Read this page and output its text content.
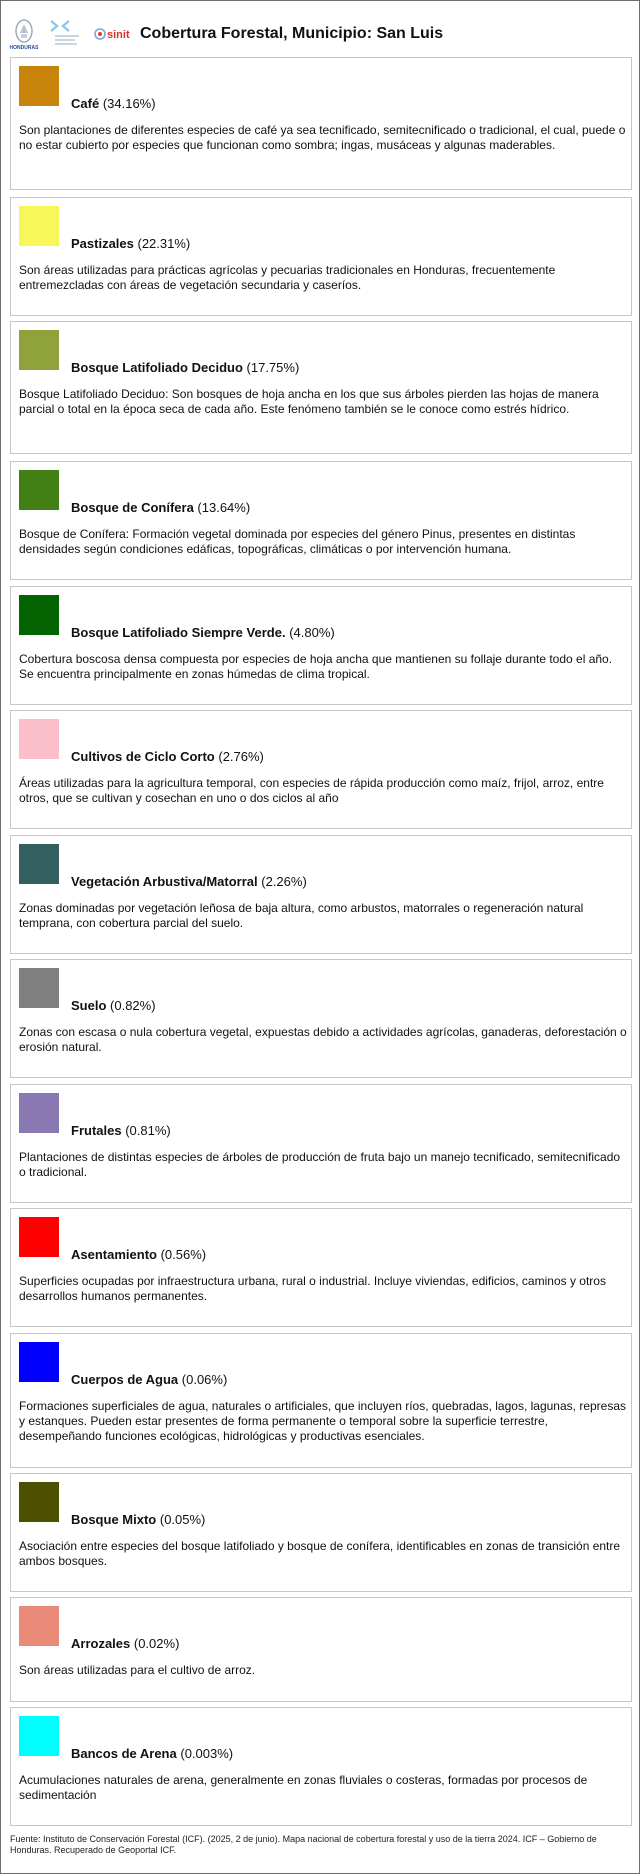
HONDURAS
sinit Cobertura Forestal, Municipio: San Luis
Café (34.16%)
Son plantaciones de diferentes especies de café ya sea tecnificado, semitecnificado o tradicional, el cual, puede o no estar cubierto por especies que funcionan como sombra; ingas, musáceas y algunas maderables.
Pastizales (22.31%)
Son áreas utilizadas para prácticas agrícolas y pecuarias tradicionales en Honduras, frecuentemente entremezcladas con áreas de vegetación secundaria y caseríos.
Bosque Latifoliado Deciduo (17.75%)
Bosque Latifoliado Deciduo: Son bosques de hoja ancha en los que sus árboles pierden las hojas de manera parcial o total en la época seca de cada año. Este fenómeno también se le conoce como estrés hídrico.
Bosque de Conífera (13.64%)
Bosque de Conífera: Formación vegetal dominada por especies del género Pinus, presentes en distintas densidades según condiciones edáficas, topográficas, climáticas o por intervención humana.
Bosque Latifoliado Siempre Verde. (4.80%)
Cobertura boscosa densa compuesta por especies de hoja ancha que mantienen su follaje durante todo el año. Se encuentra principalmente en zonas húmedas de clima tropical.
Cultivos de Ciclo Corto (2.76%)
Áreas utilizadas para la agricultura temporal, con especies de rápida producción como maíz, frijol, arroz, entre otros, que se cultivan y cosechan en uno o dos ciclos al año
Vegetación Arbustiva/Matorral (2.26%)
Zonas dominadas por vegetación leñosa de baja altura, como arbustos, matorrales o regeneración natural temprana, con cobertura parcial del suelo.
Suelo (0.82%)
Zonas con escasa o nula cobertura vegetal, expuestas debido a actividades agrícolas, ganaderas, deforestación o erosión natural.
Frutales (0.81%)
Plantaciones de distintas especies de árboles de producción de fruta bajo un manejo tecnificado, semitecnificado o tradicional.
Asentamiento (0.56%)
Superficies ocupadas por infraestructura urbana, rural o industrial. Incluye viviendas, edificios, caminos y otros desarrollos humanos permanentes.
Cuerpos de Agua (0.06%)
Formaciones superficiales de agua, naturales o artificiales, que incluyen ríos, quebradas, lagos, lagunas, represas y estanques. Pueden estar presentes de forma permanente o temporal sobre la superficie terrestre, desempeñando funciones ecológicas, hidrológicas y productivas esenciales.
Bosque Mixto (0.05%)
Asociación entre especies del bosque latifoliado y bosque de conífera, identificables en zonas de transición entre ambos bosques.
Arrozales (0.02%)
Son áreas utilizadas para el cultivo de arroz.
Bancos de Arena (0.003%)
Acumulaciones naturales de arena, generalmente en zonas fluviales o costeras, formadas por procesos de sedimentación
Fuente: Instituto de Conservación Forestal (ICF). (2025, 2 de junio). Mapa nacional de cobertura forestal y uso de la tierra 2024. ICF – Gobierno de Honduras. Recuperado de Geoportal ICF.
